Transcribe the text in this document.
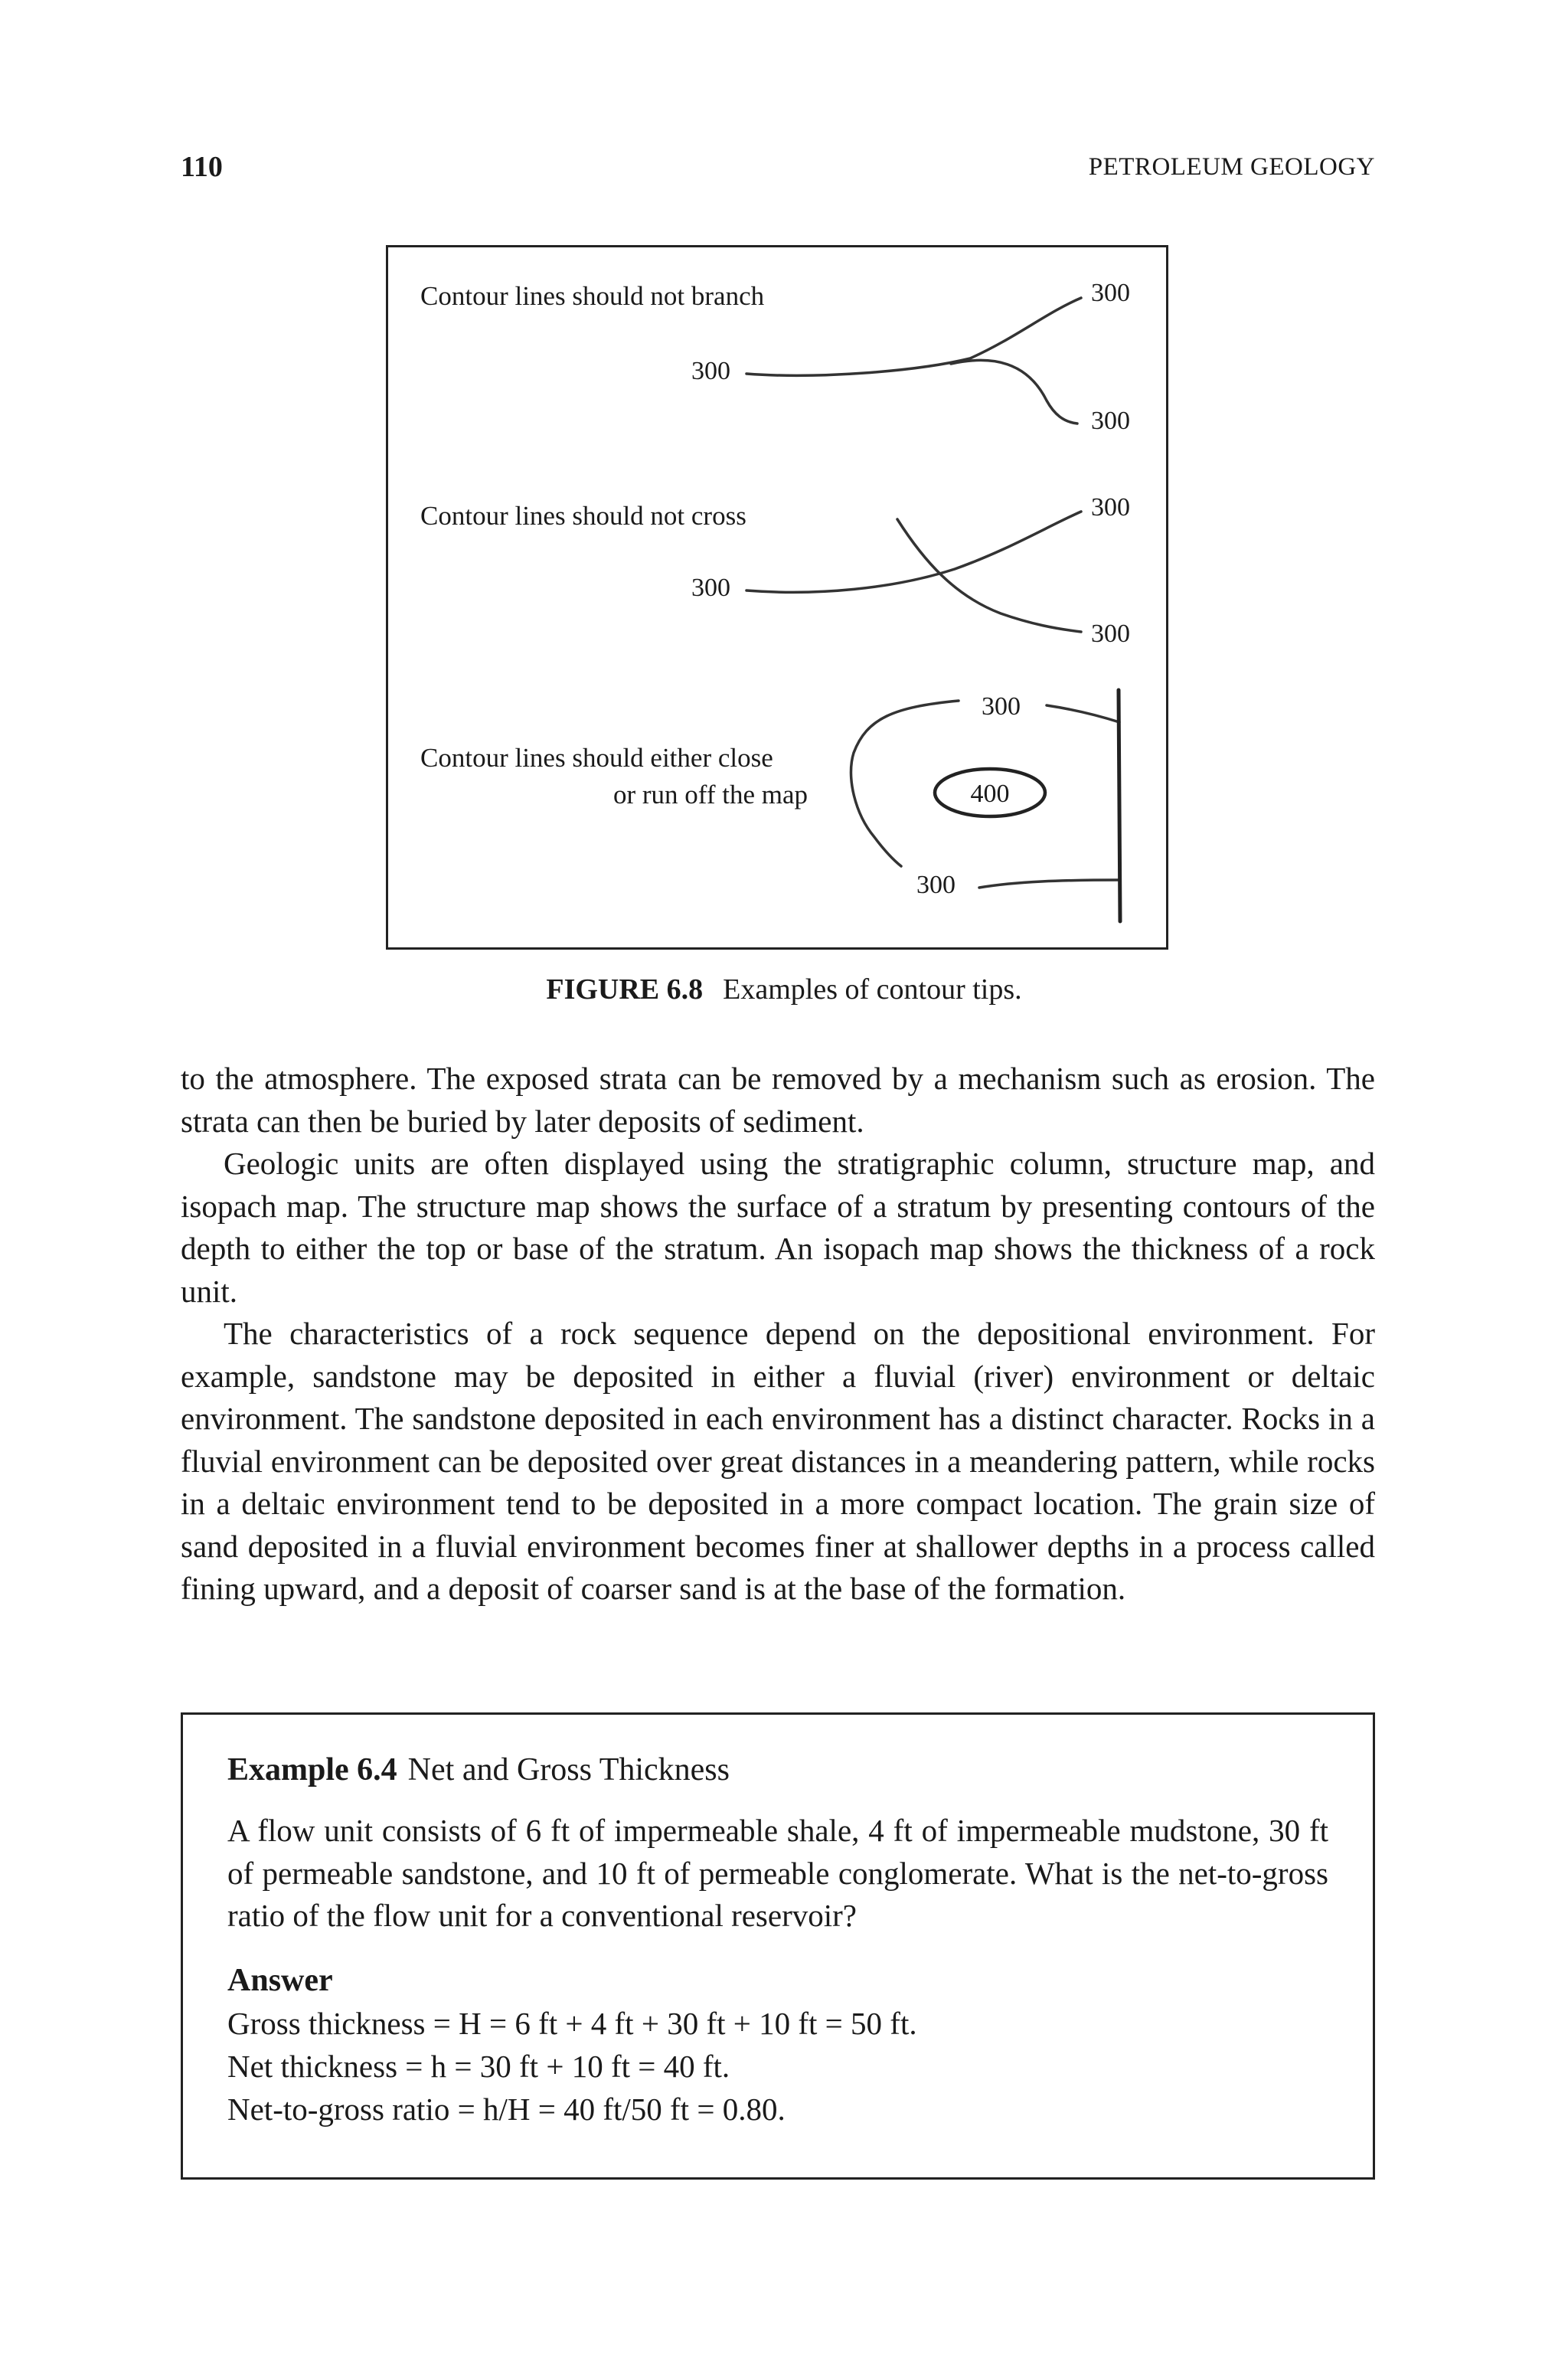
110	PETROLEUM GEOLOGY
Contour lines should not branch
300
300
300
Contour lines should not cross
300
300
300
Contour lines should either close
or run off the map
300
300
400
FIGURE 6.8 Examples of contour tips.

to the atmosphere. The exposed strata can be removed by a mechanism such as erosion. The strata can then be buried by later deposits of sediment.

Geologic units are often displayed using the stratigraphic column, structure map, and isopach map. The structure map shows the surface of a stratum by presenting contours of the depth to either the top or base of the stratum. An isopach map shows the thickness of a rock unit.

The characteristics of a rock sequence depend on the depositional environment. For example, sandstone may be deposited in either a fluvial (river) environment or deltaic environment. The sandstone deposited in each environment has a distinct character. Rocks in a fluvial environment can be deposited over great distances in a meandering pattern, while rocks in a deltaic environment tend to be deposited in a more compact location. The grain size of sand deposited in a fluvial environment becomes finer at shallower depths in a process called fining upward, and a deposit of coarser sand is at the base of the formation.

Example 6.4 Net and Gross Thickness

A flow unit consists of 6 ft of impermeable shale, 4 ft of impermeable mudstone, 30 ft of permeable sandstone, and 10 ft of permeable conglomerate. What is the net-to-gross ratio of the flow unit for a conventional reservoir?

Answer

Gross thickness = H = 6 ft + 4 ft + 30 ft + 10 ft = 50 ft.

Net thickness = h = 30 ft + 10 ft = 40 ft.

Net-to-gross ratio = h/H = 40 ft/50 ft = 0.80.
